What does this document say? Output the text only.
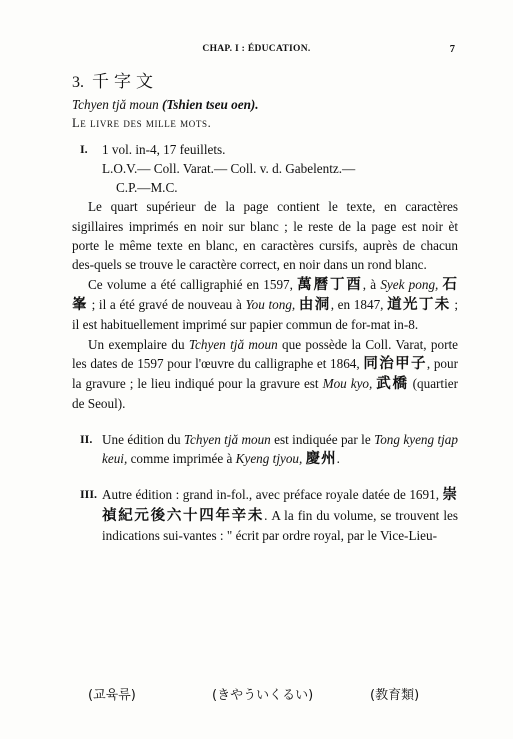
CHAP. I : ÉDUCATION.	7

3. 千字文

Tchyen tjă moun (Tshien tseu oen).

Le livre des mille mots.

I.	1 vol. in-4, 17 feuillets.

L.O.V.— Coll. Varat.— Coll. v. d. Gabelentz.—

C.P.—M.C.

Le quart supérieur de la page contient le texte, en caractères sigillaires imprimés en noir sur blanc ; le reste de la page est noir èt porte le même texte en blanc, en caractères cursifs, auprès de chacun des-quels se trouve le caractère correct, en noir dans un rond blanc.

Ce volume a été calligraphié en 1597, 萬曆丁酉, à Syek pong, 石峯 ; il a été gravé de nouveau à You tong, 由洞, en 1847, 道光丁未 ; il est habituellement imprimé sur papier commun de for-mat in-8.

Un exemplaire du Tchyen tjă moun que possède la Coll. Varat, porte les dates de 1597 pour l'œuvre du calligraphe et 1864, 同治甲子, pour la gravure ; le lieu indiqué pour la gravure est Mou kyo, 武橋 (quartier de Seoul).

II. Une édition du Tchyen tjă moun est indiquée par le Tong kyeng tjap keui, comme imprimée à Kyeng tjyou, 慶州.

III. Autre édition : grand in-fol., avec préface royale datée de 1691, 崇禎紀元後六十四年辛未. A la fin du volume, se trouvent les indications sui-vantes : " écrit par ordre royal, par le Vice-Lieu-

(교육류)	(きやういくるい)	(教育類)
